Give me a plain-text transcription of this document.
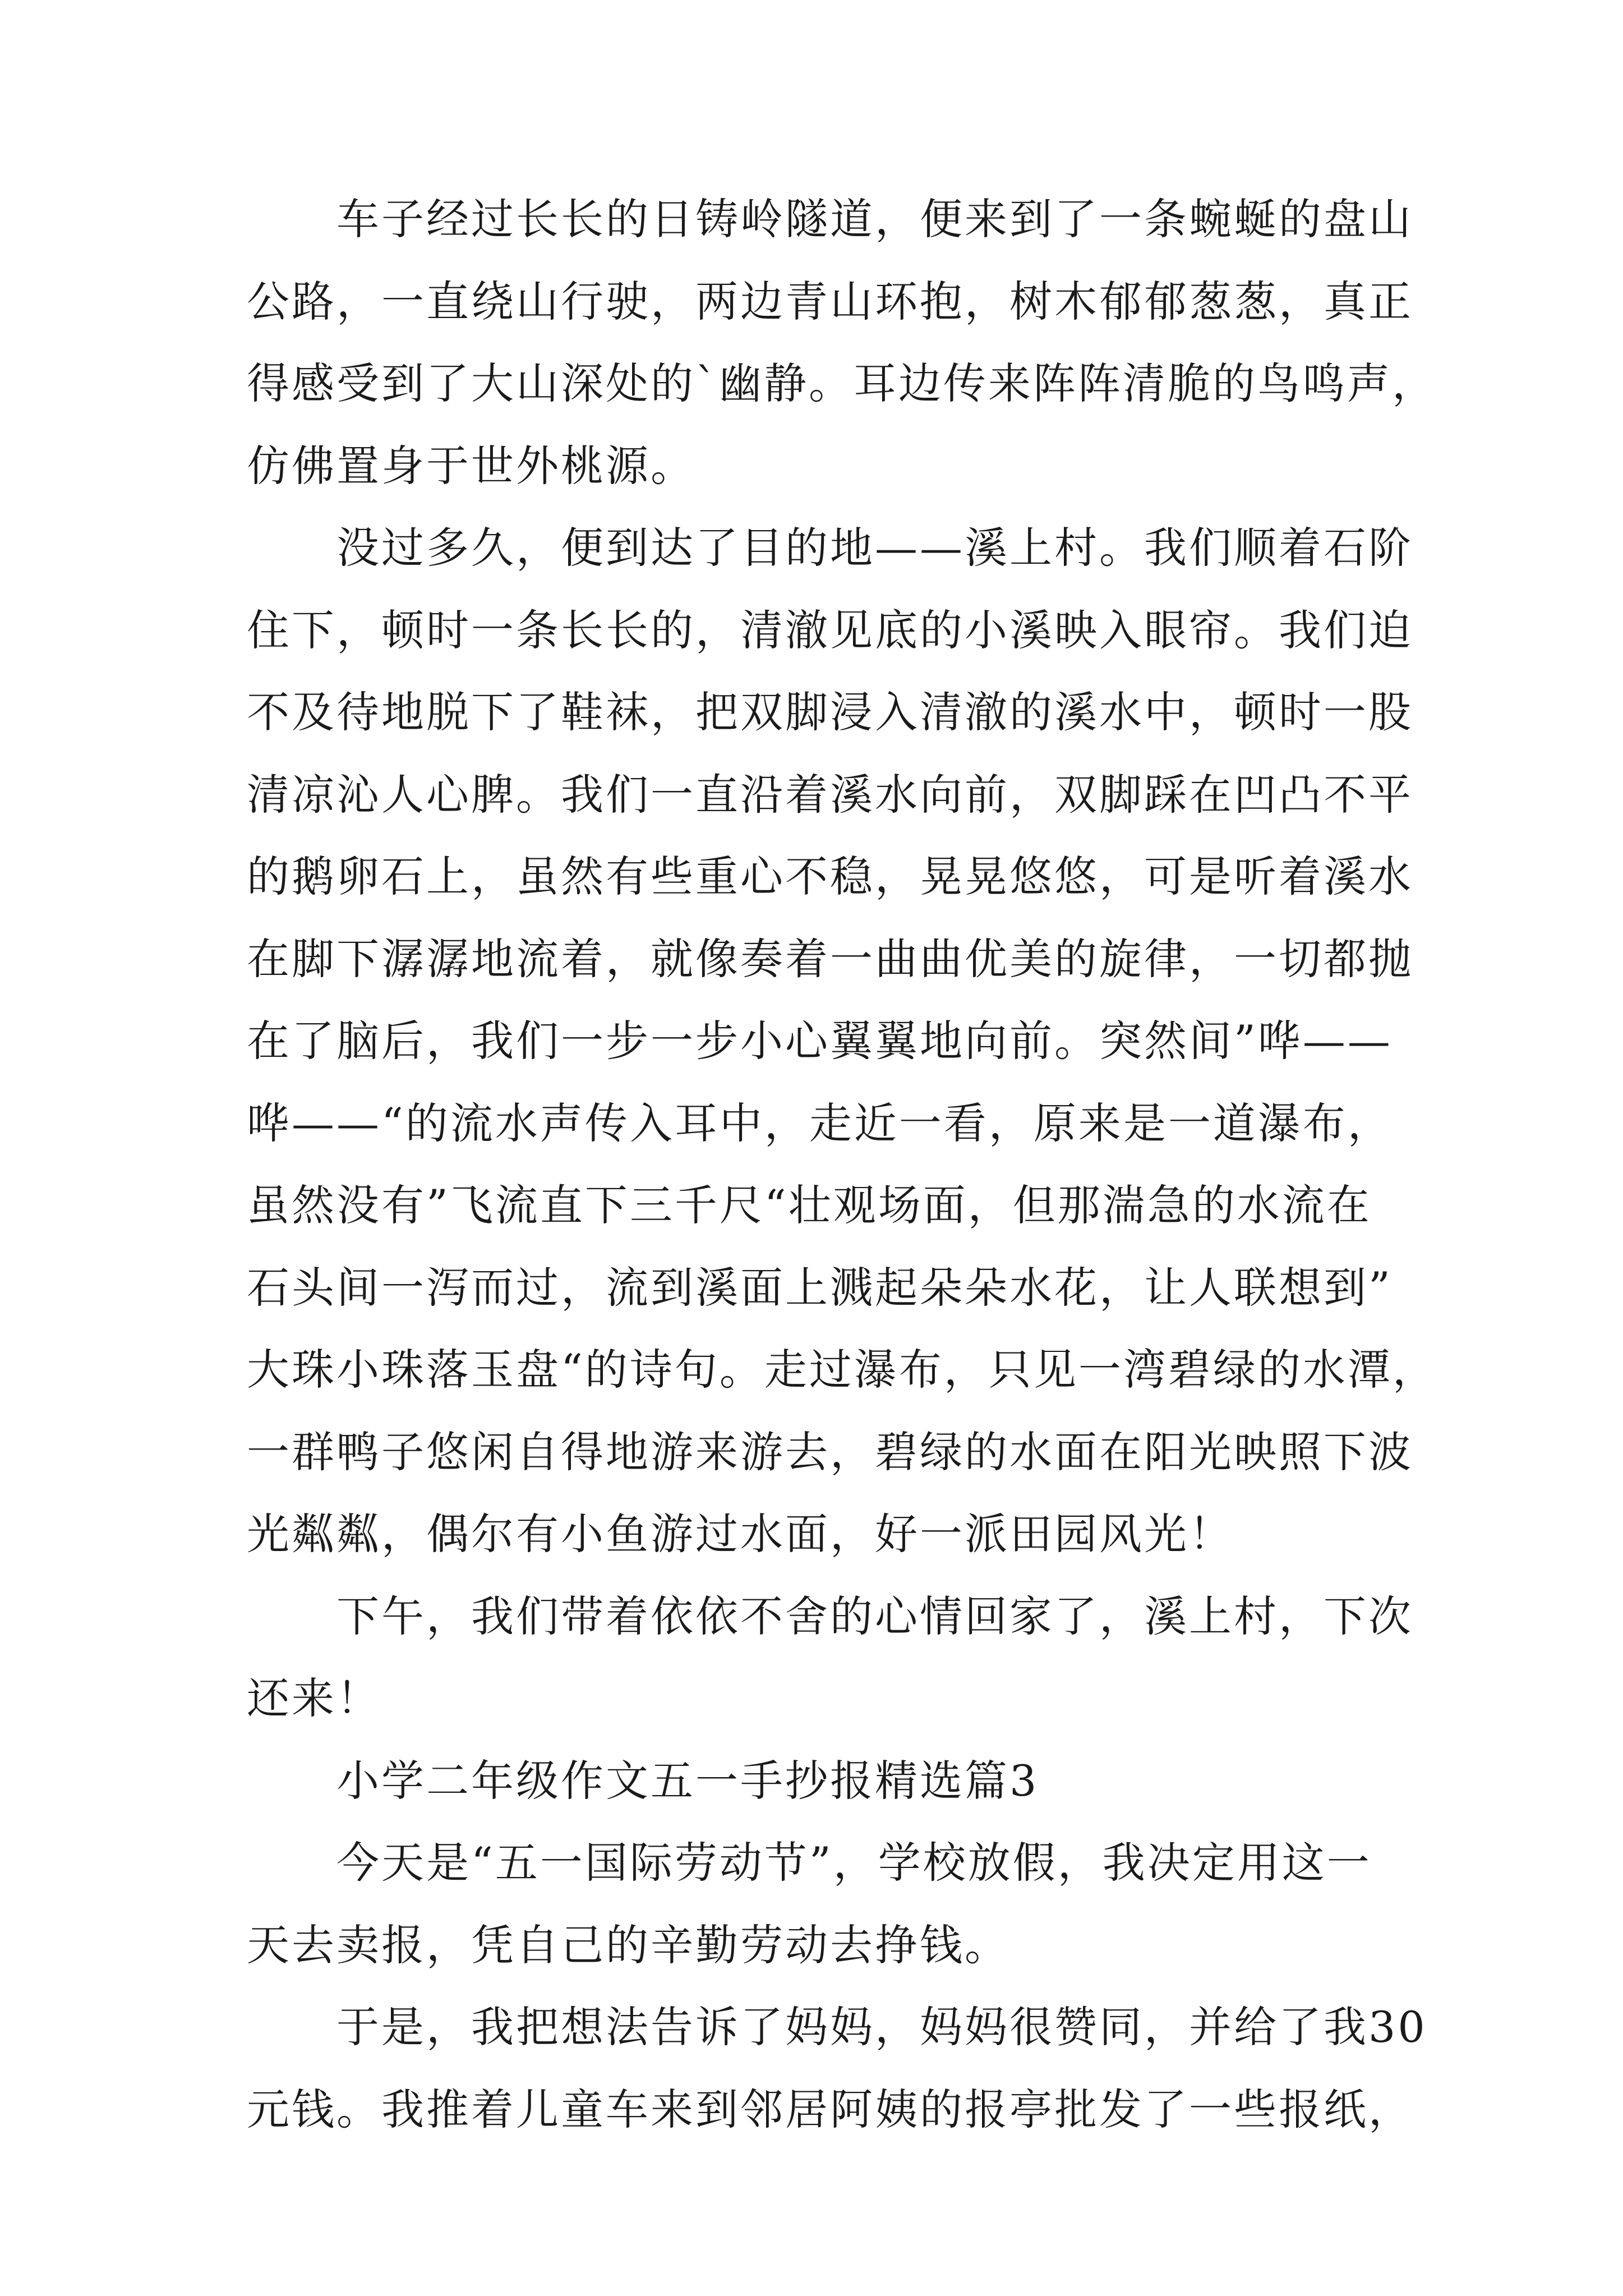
车子经过长长的日铸岭隧道，便来到了一条蜿蜒的盘山
公路，一直绕山行驶，两边青山环抱，树木郁郁葱葱，真正
得感受到了大山深处的`幽静。耳边传来阵阵清脆的鸟鸣声，
仿佛置身于世外桃源。
没过多久，便到达了目的地——溪上村。我们顺着石阶
住下，顿时一条长长的，清澈见底的小溪映入眼帘。我们迫
不及待地脱下了鞋袜，把双脚浸入清澈的溪水中，顿时一股
清凉沁人心脾。我们一直沿着溪水向前，双脚踩在凹凸不平
的鹅卵石上，虽然有些重心不稳，晃晃悠悠，可是听着溪水
在脚下潺潺地流着，就像奏着一曲曲优美的旋律，一切都抛
在了脑后，我们一步一步小心翼翼地向前。突然间”哗——
哗——“的流水声传入耳中，走近一看，原来是一道瀑布，
虽然没有”飞流直下三千尺“壮观场面，但那湍急的水流在
石头间一泻而过，流到溪面上溅起朵朵水花，让人联想到”
大珠小珠落玉盘“的诗句。走过瀑布，只见一湾碧绿的水潭，
一群鸭子悠闲自得地游来游去，碧绿的水面在阳光映照下波
光粼粼，偶尔有小鱼游过水面，好一派田园风光！
下午，我们带着依依不舍的心情回家了，溪上村，下次
还来！
小学二年级作文五一手抄报精选篇3
今天是“五一国际劳动节”，学校放假，我决定用这一
天去卖报，凭自己的辛勤劳动去挣钱。
于是，我把想法告诉了妈妈，妈妈很赞同，并给了我30
元钱。我推着儿童车来到邻居阿姨的报亭批发了一些报纸，
